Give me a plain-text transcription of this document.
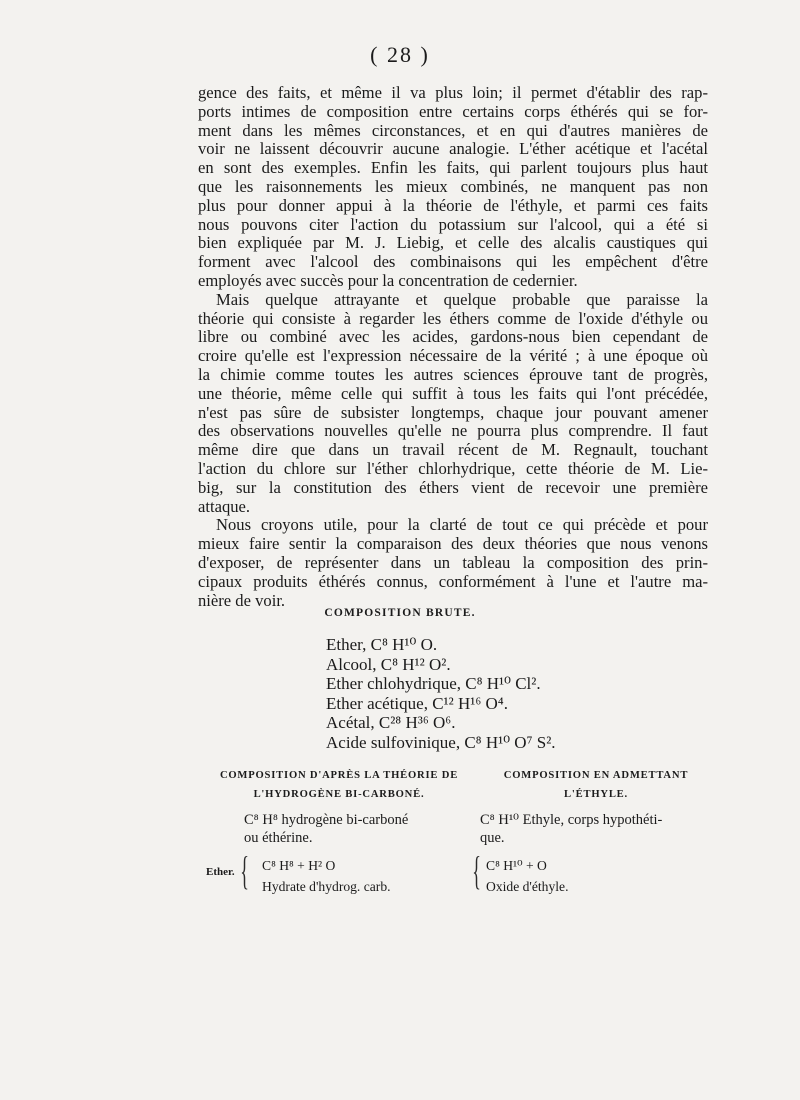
( 28 )
gence des faits, et même il va plus loin; il permet d'établir des rap-
ports intimes de composition entre certains corps éthérés qui se for-
ment dans les mêmes circonstances, et en qui d'autres manières de
voir ne laissent découvrir aucune analogie. L'éther acétique et l'acétal
en sont des exemples. Enfin les faits, qui parlent toujours plus haut
que les raisonnements les mieux combinés, ne manquent pas non
plus pour donner appui à la théorie de l'éthyle, et parmi ces faits
nous pouvons citer l'action du potassium sur l'alcool, qui a été si
bien expliquée par M. J. Liebig, et celle des alcalis caustiques qui
forment avec l'alcool des combinaisons qui les empêchent d'être
employés avec succès pour la concentration de cedernier.
Mais quelque attrayante et quelque probable que paraisse la
théorie qui consiste à regarder les éthers comme de l'oxide d'éthyle ou
libre ou combiné avec les acides, gardons-nous bien cependant de
croire qu'elle est l'expression nécessaire de la vérité ; à une époque où
la chimie comme toutes les autres sciences éprouve tant de progrès,
une théorie, même celle qui suffit à tous les faits qui l'ont précédée,
n'est pas sûre de subsister longtemps, chaque jour pouvant amener
des observations nouvelles qu'elle ne pourra plus comprendre. Il faut
même dire que dans un travail récent de M. Regnault, touchant
l'action du chlore sur l'éther chlorhydrique, cette théorie de M. Lie-
big, sur la constitution des éthers vient de recevoir une première
attaque.
Nous croyons utile, pour la clarté de tout ce qui précède et pour
mieux faire sentir la comparaison des deux théories que nous venons
d'exposer, de représenter dans un tableau la composition des prin-
cipaux produits éthérés connus, conformément à l'une et l'autre ma-
nière de voir.
COMPOSITION BRUTE.
Ether, C⁸ H¹⁰ O.
Alcool, C⁸ H¹² O².
Ether chlohydrique, C⁸ H¹⁰ Cl².
Ether acétique, C¹² H¹⁶ O⁴.
Acétal, C²⁸ H³⁶ O⁶.
Acide sulfovinique, C⁸ H¹⁰ O⁷ S².
COMPOSITION D'APRÈS LA THÉORIE DE
L'HYDROGÈNE BI-CARBONÉ.
COMPOSITION EN ADMETTANT
L'ÉTHYLE.
C⁸ H⁸ hydrogène bi-carboné
ou éthérine.
C⁸ H¹⁰ Ethyle, corps hypothéti-
que.
Ether. { C⁸ H⁸ + H² O
Hydrate d'hydrog. carb. { C⁸ H¹⁰ + O
Oxide d'éthyle.
